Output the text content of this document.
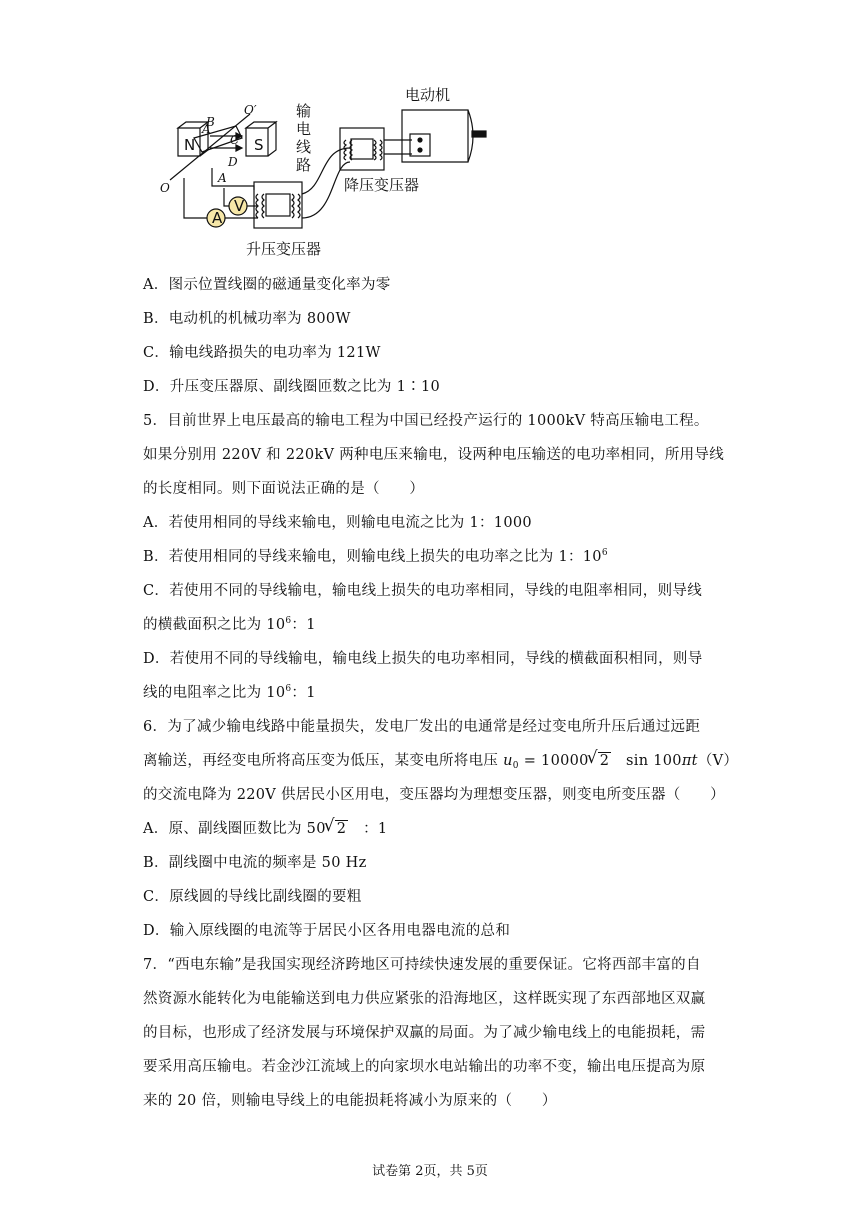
A
B
C
D
A
O′
O
N	S
A
V
输
电
线
路
电动机
降压变压器
升压变压器
A．图示位置线圈的磁通量变化率为零
B．电动机的机械功率为 800W
C．输电线路损失的电功率为 121W
D．升压变压器原、副线圈匝数之比为 1∶10
5．目前世界上电压最高的输电工程为中国已经投产运行的 1000kV 特高压输电工程。
如果分别用 220V 和 220kV 两种电压来输电，设两种电压输送的电功率相同，所用导线
的长度相同。则下面说法正确的是（　　）
A．若使用相同的导线来输电，则输电电流之比为 1：1000
B．若使用相同的导线来输电，则输电线上损失的电功率之比为 1：$10^6$
C．若使用不同的导线输电，输电线上损失的电功率相同，导线的电阻率相同，则导线
的横截面积之比为 $10^6$：1
D．若使用不同的导线输电，输电线上损失的电功率相同，导线的横截面积相同，则导
线的电阻率之比为 $10^6$：1
6．为了减少输电线路中能量损失，发电厂发出的电通常是经过变电所升压后通过远距
离输送，再经变电所将高压变为低压，某变电所将电压 $u_0 = 10000√$ 2　sin 100πt（V）
的交流电降为 220V 供居民小区用电，变压器均为理想变压器，则变电所变压器（　　）
A．原、副线圈匝数比为 50√ 2　：1
B．副线圈中电流的频率是 50 Hz
C．原线圆的导线比副线圈的要粗
D．输入原线圈的电流等于居民小区各用电器电流的总和
7．“西电东输”是我国实现经济跨地区可持续快速发展的重要保证。它将西部丰富的自
然资源水能转化为电能输送到电力供应紧张的沿海地区，这样既实现了东西部地区双赢
的目标，也形成了经济发展与环境保护双赢的局面。为了减少输电线上的电能损耗，需
要采用高压输电。若金沙江流域上的向家坝水电站输出的功率不变，输出电压提高为原
来的 20 倍，则输电导线上的电能损耗将减小为原来的（　　）
试卷第 2页，共 5页
